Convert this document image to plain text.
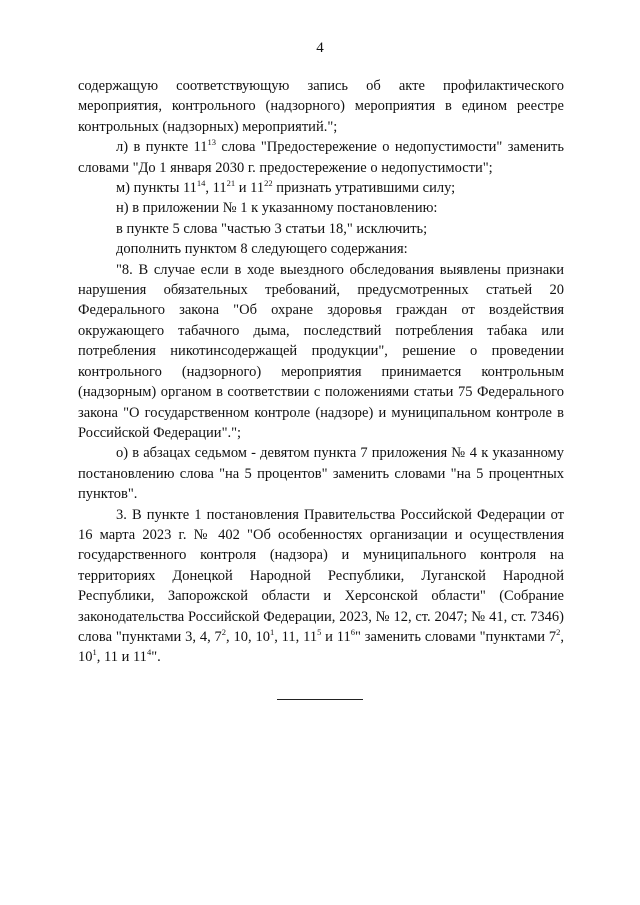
4

содержащую соответствующую запись об акте профилактического мероприятия, контрольного (надзорного) мероприятия в едином реестре контрольных (надзорных) мероприятий.";

л) в пункте $11^{13}$ слова "Предостережение о недопустимости" заменить словами "До 1 января 2030 г. предостережение о недопустимости";

м) пункты $11^{14}$, $11^{21}$ и $11^{22}$ признать утратившими силу;

н) в приложении № 1 к указанному постановлению:

в пункте 5 слова "частью 3 статьи 18," исключить;

дополнить пунктом 8 следующего содержания:

"8. В случае если в ходе выездного обследования выявлены признаки нарушения обязательных требований, предусмотренных статьей 20 Федерального закона "Об охране здоровья граждан от воздействия окружающего табачного дыма, последствий потребления табака или потребления никотинсодержащей продукции", решение о проведении контрольного (надзорного) мероприятия принимается контрольным (надзорным) органом в соответствии с положениями статьи 75 Федерального закона "О государственном контроле (надзоре) и муниципальном контроле в Российской Федерации".";

о) в абзацах седьмом - девятом пункта 7 приложения № 4 к указанному постановлению слова "на 5 процентов" заменить словами "на 5 процентных пунктов".

3. В пункте 1 постановления Правительства Российской Федерации от 16 марта 2023 г. № 402 "Об особенностях организации и осуществления государственного контроля (надзора) и муниципального контроля на территориях Донецкой Народной Республики, Луганской Народной Республики, Запорожской области и Херсонской области" (Собрание законодательства Российской Федерации, 2023, № 12, ст. 2047; № 41, ст. 7346) слова "пунктами 3, 4, $7^2$, 10, $10^1$, 11, $11^5$ и $11^6$" заменить словами "пунктами $7^2$, $10^1$, 11 и $11^4$".
